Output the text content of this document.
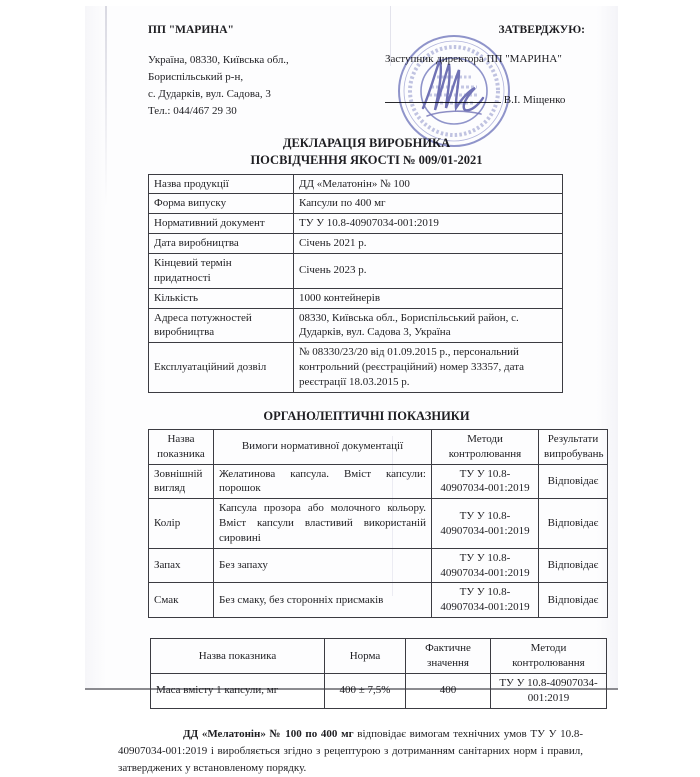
ПП "МАРИНА"	ЗАТВЕРДЖУЮ:
Україна, 08330, Київська обл.,
Бориспільський р-н,
с. Дударків, вул. Садова, 3
Тел.: 044/467 29 30
Заступник директора ПП "МАРИНА"
В.І. Міщенко
ДЕКЛАРАЦІЯ ВИРОБНИКА
ПОСВІДЧЕННЯ ЯКОСТІ № 009/01-2021
Назва продукції	ДД «Мелатонін» № 100
Форма випуску	Капсули по 400 мг
Нормативний документ	ТУ У 10.8-40907034-001:2019
Дата виробництва	Січень 2021 р.
Кінцевий термін придатності	Січень 2023 р.
Кількість	1000 контейнерів
Адреса потужностей виробництва	08330, Київська обл., Бориспільський район, с. Дударків, вул. Садова 3, Україна
Експлуатаційний дозвіл	№ 08330/23/20 від 01.09.2015 р., персональний контрольний (реєстраційний) номер 33357, дата реєстрації 18.03.2015 р.
ОРГАНОЛЕПТИЧНІ ПОКАЗНИКИ
Назва показника	Вимоги нормативної документації	Методи контролювання	Результати випробувань
Зовнішній вигляд	Желатинова капсула. Вміст капсули: порошок	ТУ У 10.8-40907034-001:2019	Відповідає
Колір	Капсула прозора або молочного кольору. Вміст капсули властивий використаній сировині	ТУ У 10.8-40907034-001:2019	Відповідає
Запах	Без запаху	ТУ У 10.8-40907034-001:2019	Відповідає
Смак	Без смаку, без сторонніх присмаків	ТУ У 10.8-40907034-001:2019	Відповідає
Назва показника	Норма	Фактичне значення	Методи контролювання
Маса вмісту 1 капсули, мг	400 ± 7,5%	400	ТУ У 10.8-40907034-001:2019

ДД «Мелатонін» № 100 по 400 мг відповідає вимогам технічних умов ТУ У 10.8-40907034-001:2019 і виробляється згідно з рецептурою з дотриманням санітарних норм і правил, затверджених у встановленому порядку.
